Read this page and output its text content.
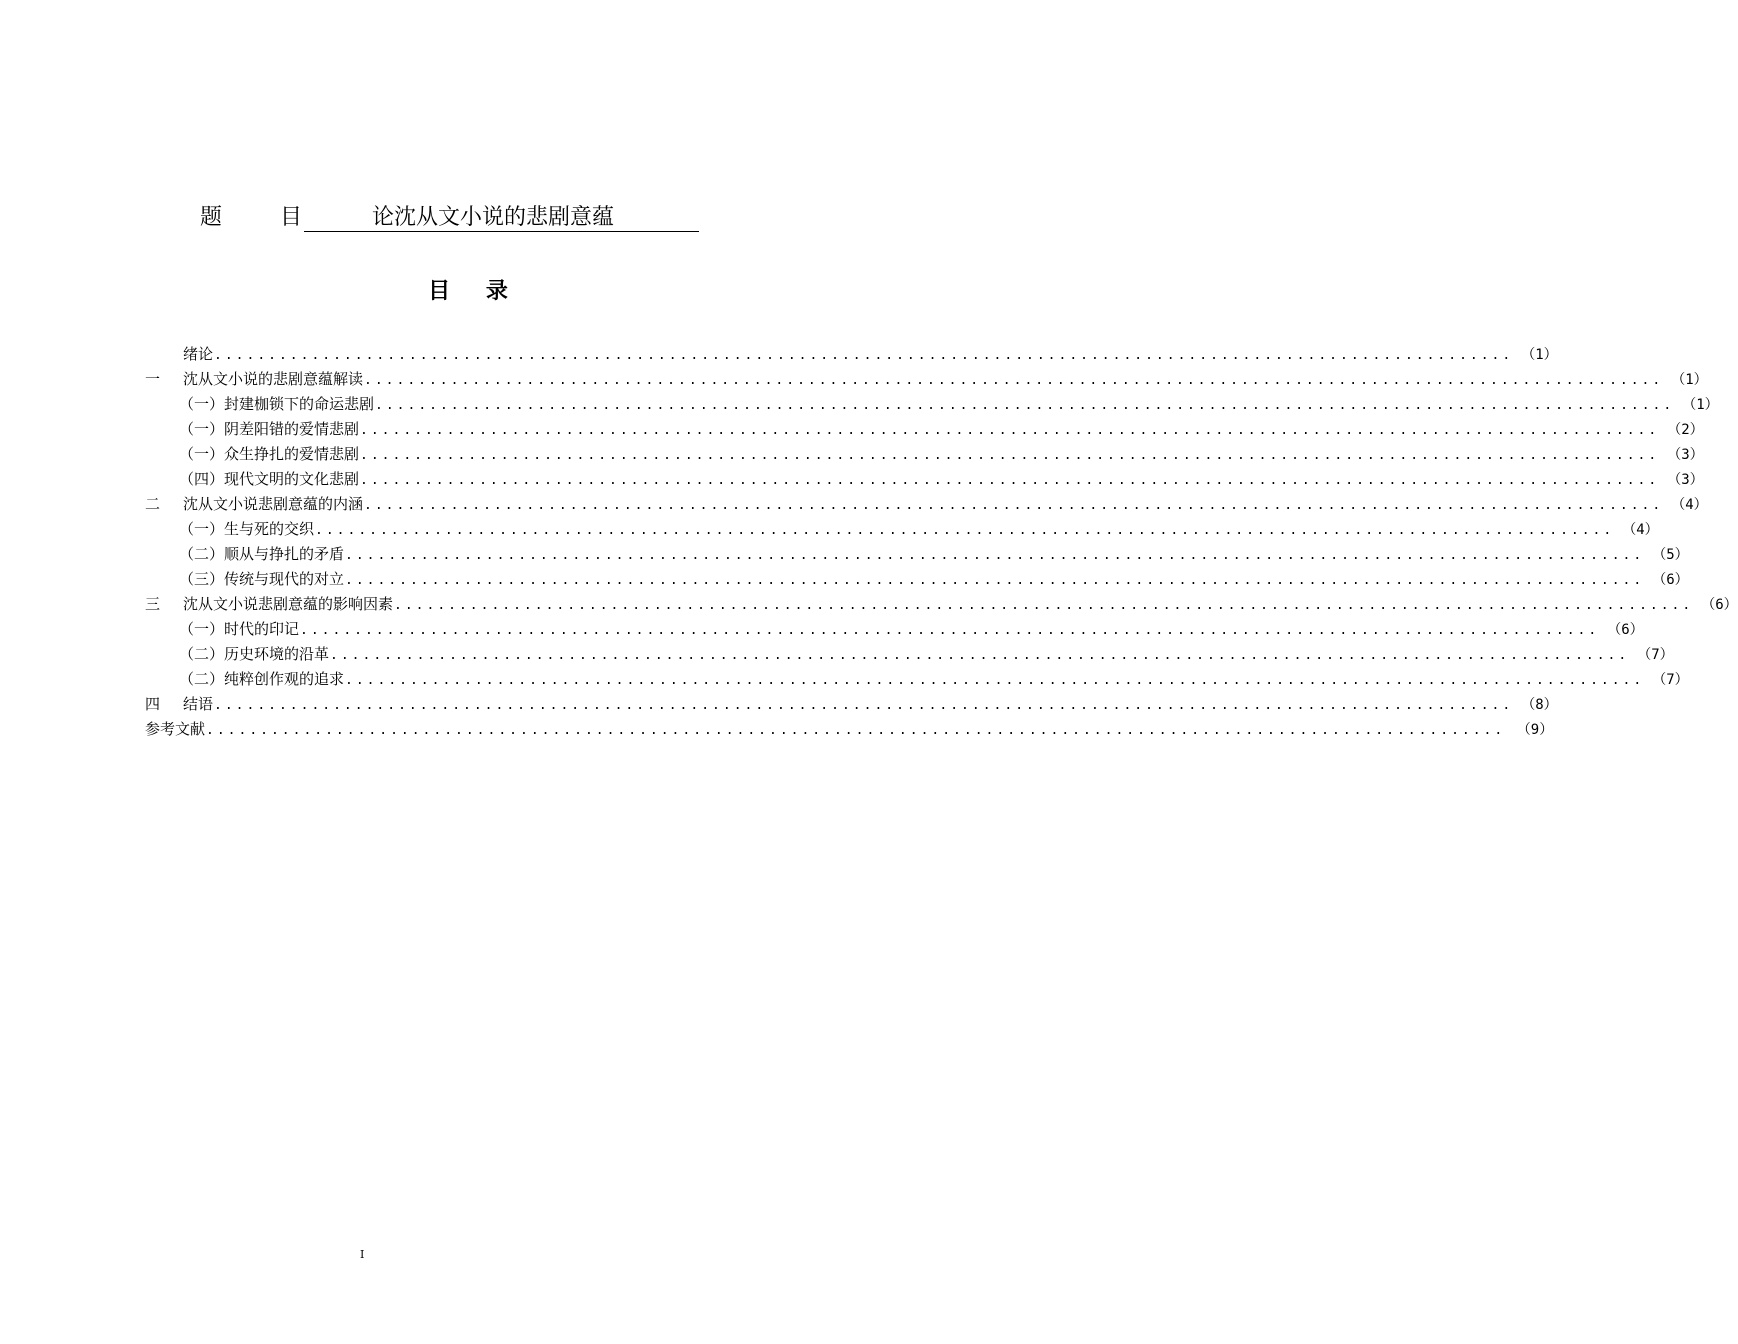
题	目	论沈从文小说的悲剧意蕴
目 录
绪论 ........................................................................................................................ （1）
一	沈从文小说的悲剧意蕴解读 ........................................................................................................................ （1）
（一）封建枷锁下的命运悲剧 ........................................................................................................................ （1）
（一）阴差阳错的爱情悲剧 ........................................................................................................................ （2）
（一）众生挣扎的爱情悲剧 ........................................................................................................................ （3）
（四）现代文明的文化悲剧 ........................................................................................................................ （3）
二	沈从文小说悲剧意蕴的内涵 ........................................................................................................................ （4）
（一）生与死的交织 ........................................................................................................................ （4）
（二）顺从与挣扎的矛盾 ........................................................................................................................ （5）
（三）传统与现代的对立 ........................................................................................................................ （6）
三	沈从文小说悲剧意蕴的影响因素 ........................................................................................................................ （6）
（一）时代的印记 ........................................................................................................................ （6）
（二）历史环境的沿革 ........................................................................................................................ （7）
（二）纯粹创作观的追求 ........................................................................................................................ （7）
四	结语 ........................................................................................................................ （8）
参考文献 ........................................................................................................................ （9）
I
